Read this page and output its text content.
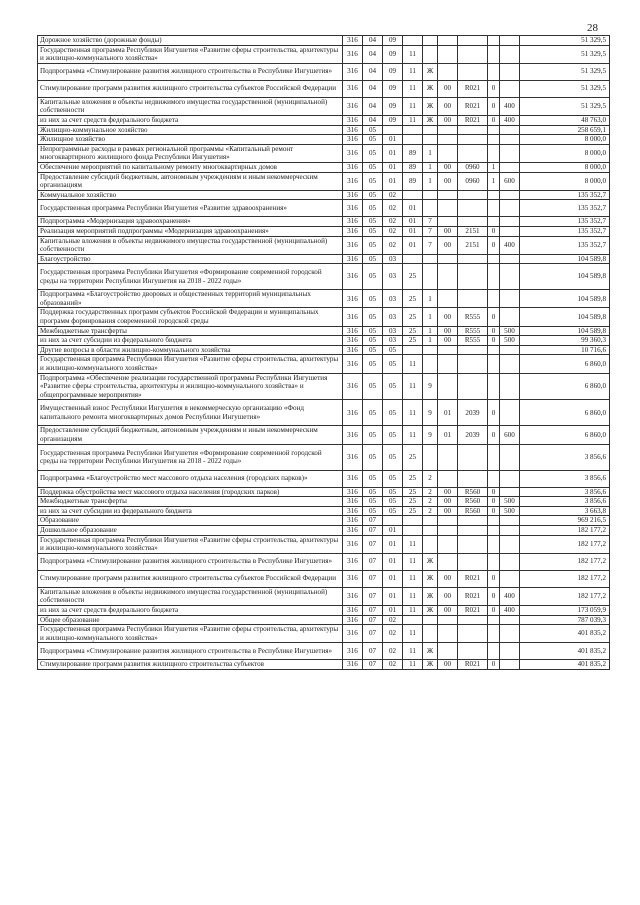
28
Дорожное хозяйство (дорожные фонды)	316	04	09							51 329,5
Государственная программа Республики Ингушетия «Развитие сферы строительства, архитектуры и жилищно-коммунального хозяйства»	316	04	09	11						51 329,5
Подпрограмма «Стимулирование развития жилищного строительства в Республике Ингушетия»	316	04	09	11	Ж					51 329,5
Стимулирование программ развития жилищного строительства субъектов Российской Федерации	316	04	09	11	Ж	00	R021	0		51 329,5
Капитальные вложения в объекты недвижимого имущества государственной (муниципальной) собственности	316	04	09	11	Ж	00	R021	0	400	51 329,5
из них за счет средств федерального бюджета	316	04	09	11	Ж	00	R021	0	400	48 763,0
Жилищно-коммунальное хозяйство	316	05								258 659,1
Жилищное хозяйство	316	05	01							8 000,0
Непрограммные расходы в рамках региональной программы «Капитальный ремонт многоквартирного жилищного фонда Республики Ингушетия»	316	05	01	89	1					8 000,0
Обеспечение мероприятий по капитальному ремонту многоквартирных домов	316	05	01	89	1	00	0960	1		8 000,0
Предоставление субсидий бюджетным, автономным учреждениям и иным некоммерческим организациям	316	05	01	89	1	00	0960	1	600	8 000,0
Коммунальное хозяйство	316	05	02							135 352,7
Государственная программа Республики Ингушетия «Развитие здравоохранения»	316	05	02	01						135 352,7
Подпрограмма «Модернизация здравоохранения»	316	05	02	01	7					135 352,7
Реализация мероприятий подпрограммы «Модернизация здравоохранения»	316	05	02	01	7	00	2151	0		135 352,7
Капитальные вложения в объекты недвижимого имущества государственной (муниципальной) собственности	316	05	02	01	7	00	2151	0	400	135 352,7
Благоустройство	316	05	03							104 589,8
Государственная программа Республики Ингушетия «Формирование современной городской среды на территории Республики Ингушетия на 2018 - 2022 годы»	316	05	03	25						104 589,8
Подпрограмма «Благоустройство дворовых и общественных территорий муниципальных образований»	316	05	03	25	1					104 589,8
Поддержка государственных программ субъектов Российской Федерации и муниципальных программ формирования современной городской среды	316	05	03	25	1	00	R555	0		104 589,8
Межбюджетные трансферты	316	05	03	25	1	00	R555	0	500	104 589,8
из них за счет субсидии из федерального бюджета	316	05	03	25	1	00	R555	0	500	99 360,3
Другие вопросы в области жилищно-коммунального хозяйства	316	05	05							10 716,6
Государственная программа Республики Ингушетия «Развитие сферы строительства, архитектуры и жилищно-коммунального хозяйства»	316	05	05	11						6 860,0
Подпрограмма «Обеспечение реализации государственной программы Республики Ингушетия «Развитие сферы строительства, архитектуры и жилищно-коммунального хозяйства» и общепрограммные мероприятия»	316	05	05	11	9					6 860,0
Имущественный взнос Республики Ингушетия в некоммерческую организацию «Фонд капитального ремонта многоквартирных домов Республики Ингушетия»	316	05	05	11	9	01	2039	0		6 860,0
Предоставление субсидий бюджетным, автономным учреждениям и иным некоммерческим организациям	316	05	05	11	9	01	2039	0	600	6 860,0
Государственная программа Республики Ингушетия «Формирование современной городской среды на территории Республики Ингушетия на 2018 - 2022 годы»	316	05	05	25						3 856,6
Подпрограмма «Благоустройство мест массового отдыха населения (городских парков)»	316	05	05	25	2					3 856,6
Поддержка обустройства мест массового отдыха населения (городских парков)	316	05	05	25	2	00	R560	0		3 856,6
Межбюджетные трансферты	316	05	05	25	2	00	R560	0	500	3 856,6
из них за счет субсидии из федерального бюджета	316	05	05	25	2	00	R560	0	500	3 663,8
Образование	316	07								969 216,5
Дошкольное образование	316	07	01							182 177,2
Государственная программа Республики Ингушетия «Развитие сферы строительства, архитектуры и жилищно-коммунального хозяйства»	316	07	01	11						182 177,2
Подпрограмма «Стимулирование развития жилищного строительства в Республике Ингушетия»	316	07	01	11	Ж					182 177,2
Стимулирование программ развития жилищного строительства субъектов Российской Федерации	316	07	01	11	Ж	00	R021	0		182 177,2
Капитальные вложения в объекты недвижимого имущества государственной (муниципальной) собственности	316	07	01	11	Ж	00	R021	0	400	182 177,2
из них за счет средств федерального бюджета	316	07	01	11	Ж	00	R021	0	400	173 059,9
Общее образование	316	07	02							787 039,3
Государственная программа Республики Ингушетия «Развитие сферы строительства, архитектуры и жилищно-коммунального хозяйства»	316	07	02	11						401 835,2
Подпрограмма «Стимулирование развития жилищного строительства в Республике Ингушетия»	316	07	02	11	Ж					401 835,2
Стимулирование программ развития жилищного строительства субъектов	316	07	02	11	Ж	00	R021	0		401 835,2
